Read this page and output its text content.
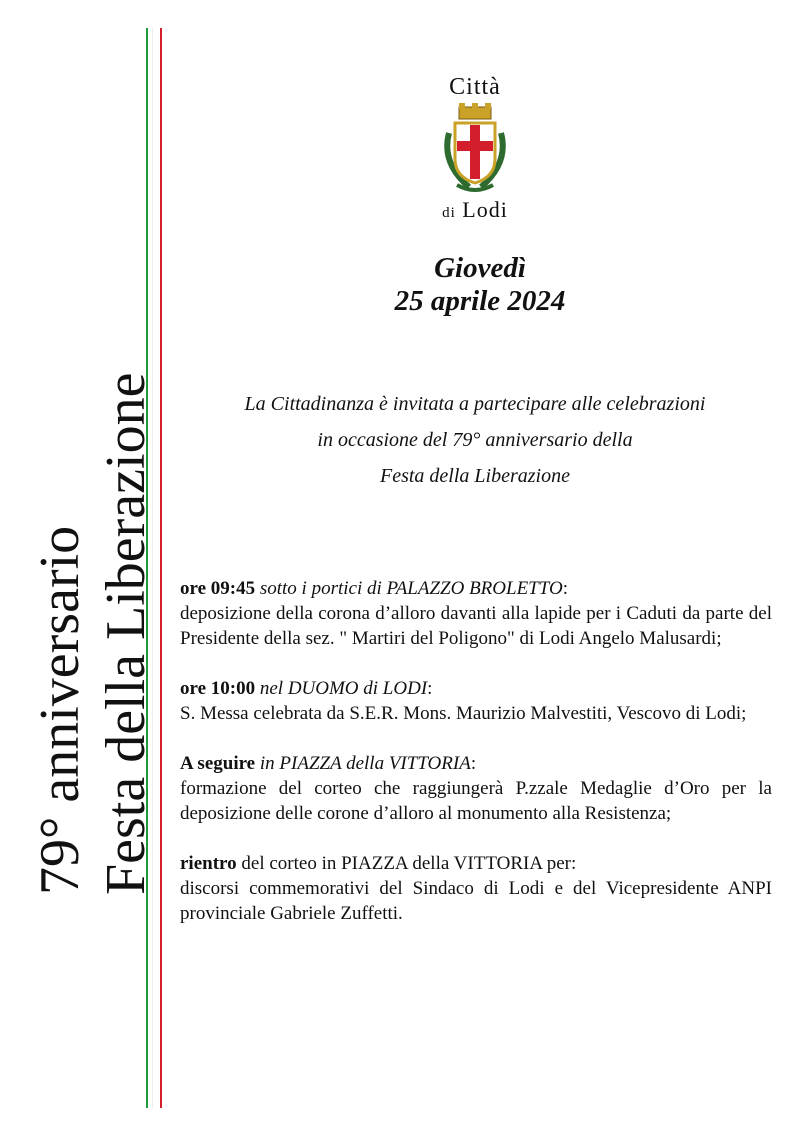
79° anniversario Festa della Liberazione
Città
di Lodi
Giovedì
25 aprile 2024
La Cittadinanza è invitata a partecipare alle celebrazioni
in occasione del 79° anniversario della
Festa della Liberazione
ore 09:45 sotto i portici di PALAZZO BROLETTO:
deposizione della corona d’alloro davanti alla lapide per i Caduti da parte del Presidente della sez. " Martiri del Poligono" di Lodi Angelo Malusardi;
ore 10:00 nel DUOMO di LODI:
S. Messa celebrata da S.E.R. Mons. Maurizio Malvestiti, Vescovo di Lodi;
A seguire in PIAZZA della VITTORIA:
formazione del corteo che raggiungerà P.zzale Medaglie d’Oro per la deposizione delle corone d’alloro al monumento alla Resistenza;
rientro del corteo in PIAZZA della VITTORIA per:
discorsi commemorativi del Sindaco di Lodi e del Vicepresidente ANPI provinciale Gabriele Zuffetti.
